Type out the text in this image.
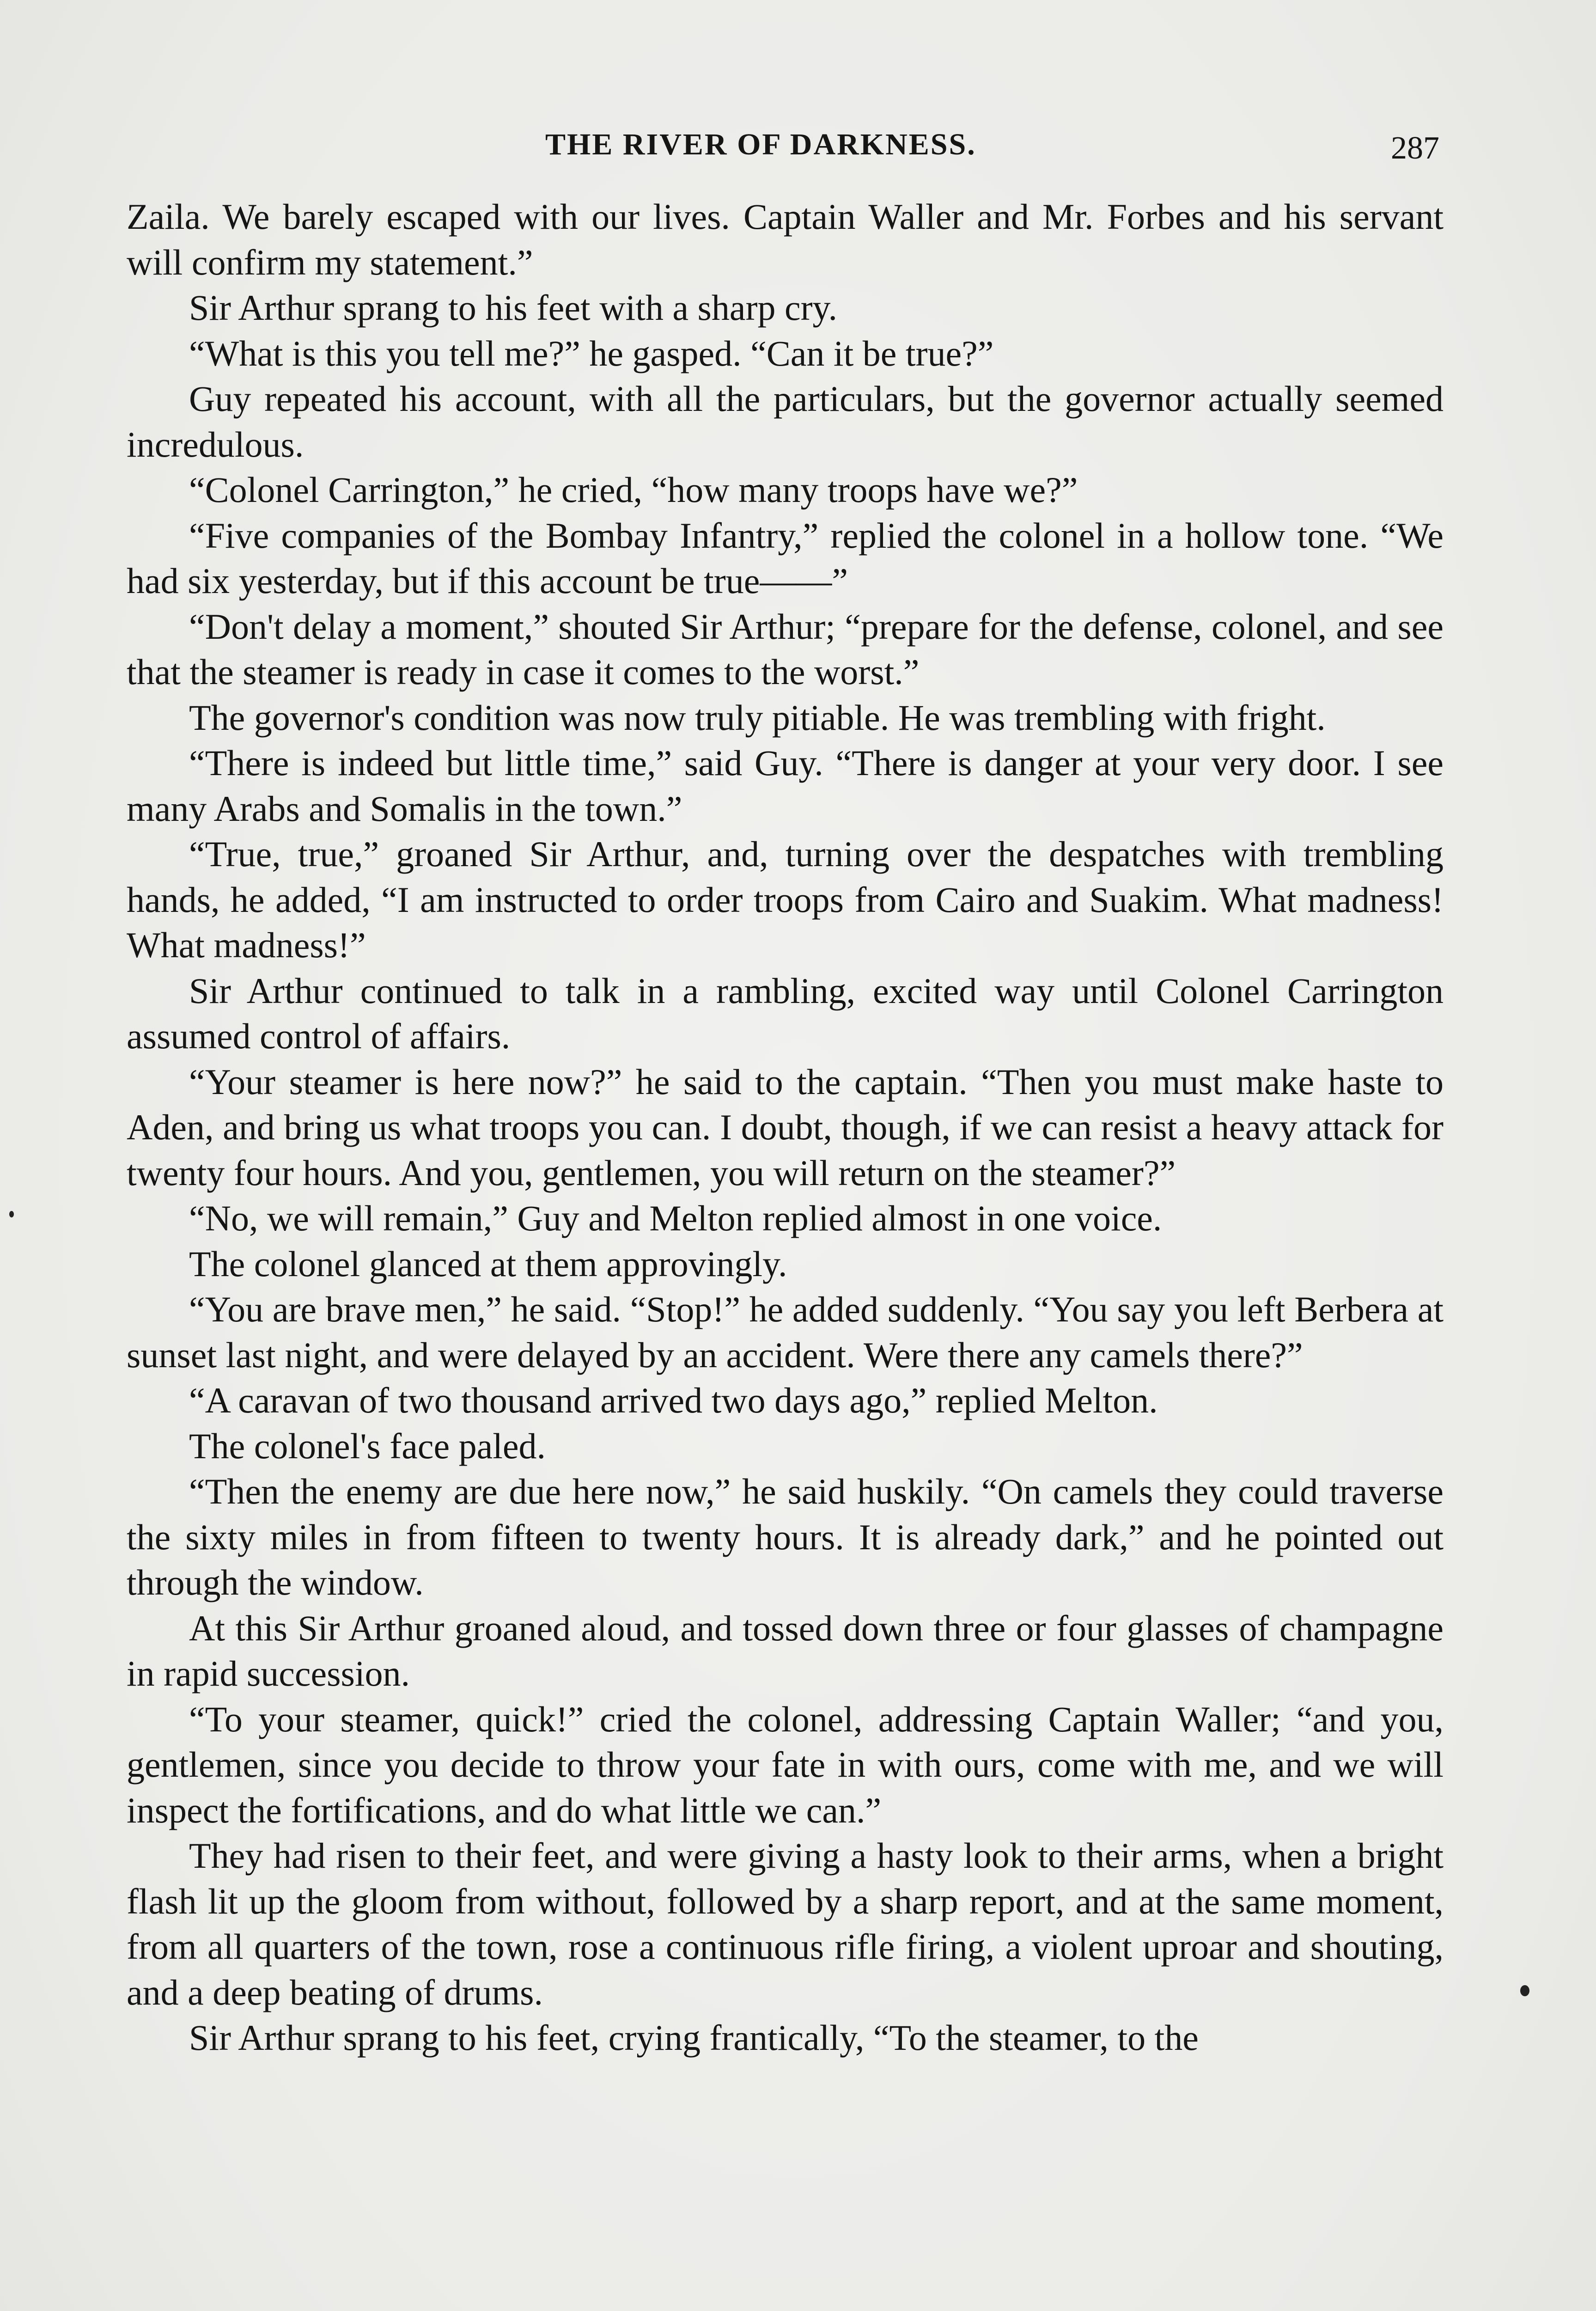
THE RIVER OF DARKNESS.	287

Zaila. We barely escaped with our lives. Captain Waller and Mr. Forbes and his servant will confirm my statement.”

Sir Arthur sprang to his feet with a sharp cry.

“What is this you tell me?” he gasped. “Can it be true?”

Guy repeated his account, with all the particulars, but the governor actually seemed incredulous.

“Colonel Carrington,” he cried, “how many troops have we?”

“Five companies of the Bombay Infantry,” replied the colonel in a hollow tone. “We had six yesterday, but if this account be true——”

“Don't delay a moment,” shouted Sir Arthur; “prepare for the defense, colonel, and see that the steamer is ready in case it comes to the worst.”

The governor's condition was now truly pitiable. He was trembling with fright.

“There is indeed but little time,” said Guy. “There is danger at your very door. I see many Arabs and Somalis in the town.”

“True, true,” groaned Sir Arthur, and, turning over the despatches with trembling hands, he added, “I am instructed to order troops from Cairo and Suakim. What madness! What madness!”

Sir Arthur continued to talk in a rambling, excited way until Colonel Carrington assumed control of affairs.

“Your steamer is here now?” he said to the captain. “Then you must make haste to Aden, and bring us what troops you can. I doubt, though, if we can resist a heavy attack for twenty four hours. And you, gentlemen, you will return on the steamer?”

“No, we will remain,” Guy and Melton replied almost in one voice.

The colonel glanced at them approvingly.

“You are brave men,” he said. “Stop!” he added suddenly. “You say you left Berbera at sunset last night, and were delayed by an accident. Were there any camels there?”

“A caravan of two thousand arrived two days ago,” replied Melton.

The colonel's face paled.

“Then the enemy are due here now,” he said huskily. “On camels they could traverse the sixty miles in from fifteen to twenty hours. It is already dark,” and he pointed out through the window.

At this Sir Arthur groaned aloud, and tossed down three or four glasses of champagne in rapid succession.

“To your steamer, quick!” cried the colonel, addressing Captain Waller; “and you, gentlemen, since you decide to throw your fate in with ours, come with me, and we will inspect the fortifications, and do what little we can.”

They had risen to their feet, and were giving a hasty look to their arms, when a bright flash lit up the gloom from without, followed by a sharp report, and at the same moment, from all quarters of the town, rose a continuous rifle firing, a violent uproar and shouting, and a deep beating of drums.

Sir Arthur sprang to his feet, crying frantically, “To the steamer, to the
